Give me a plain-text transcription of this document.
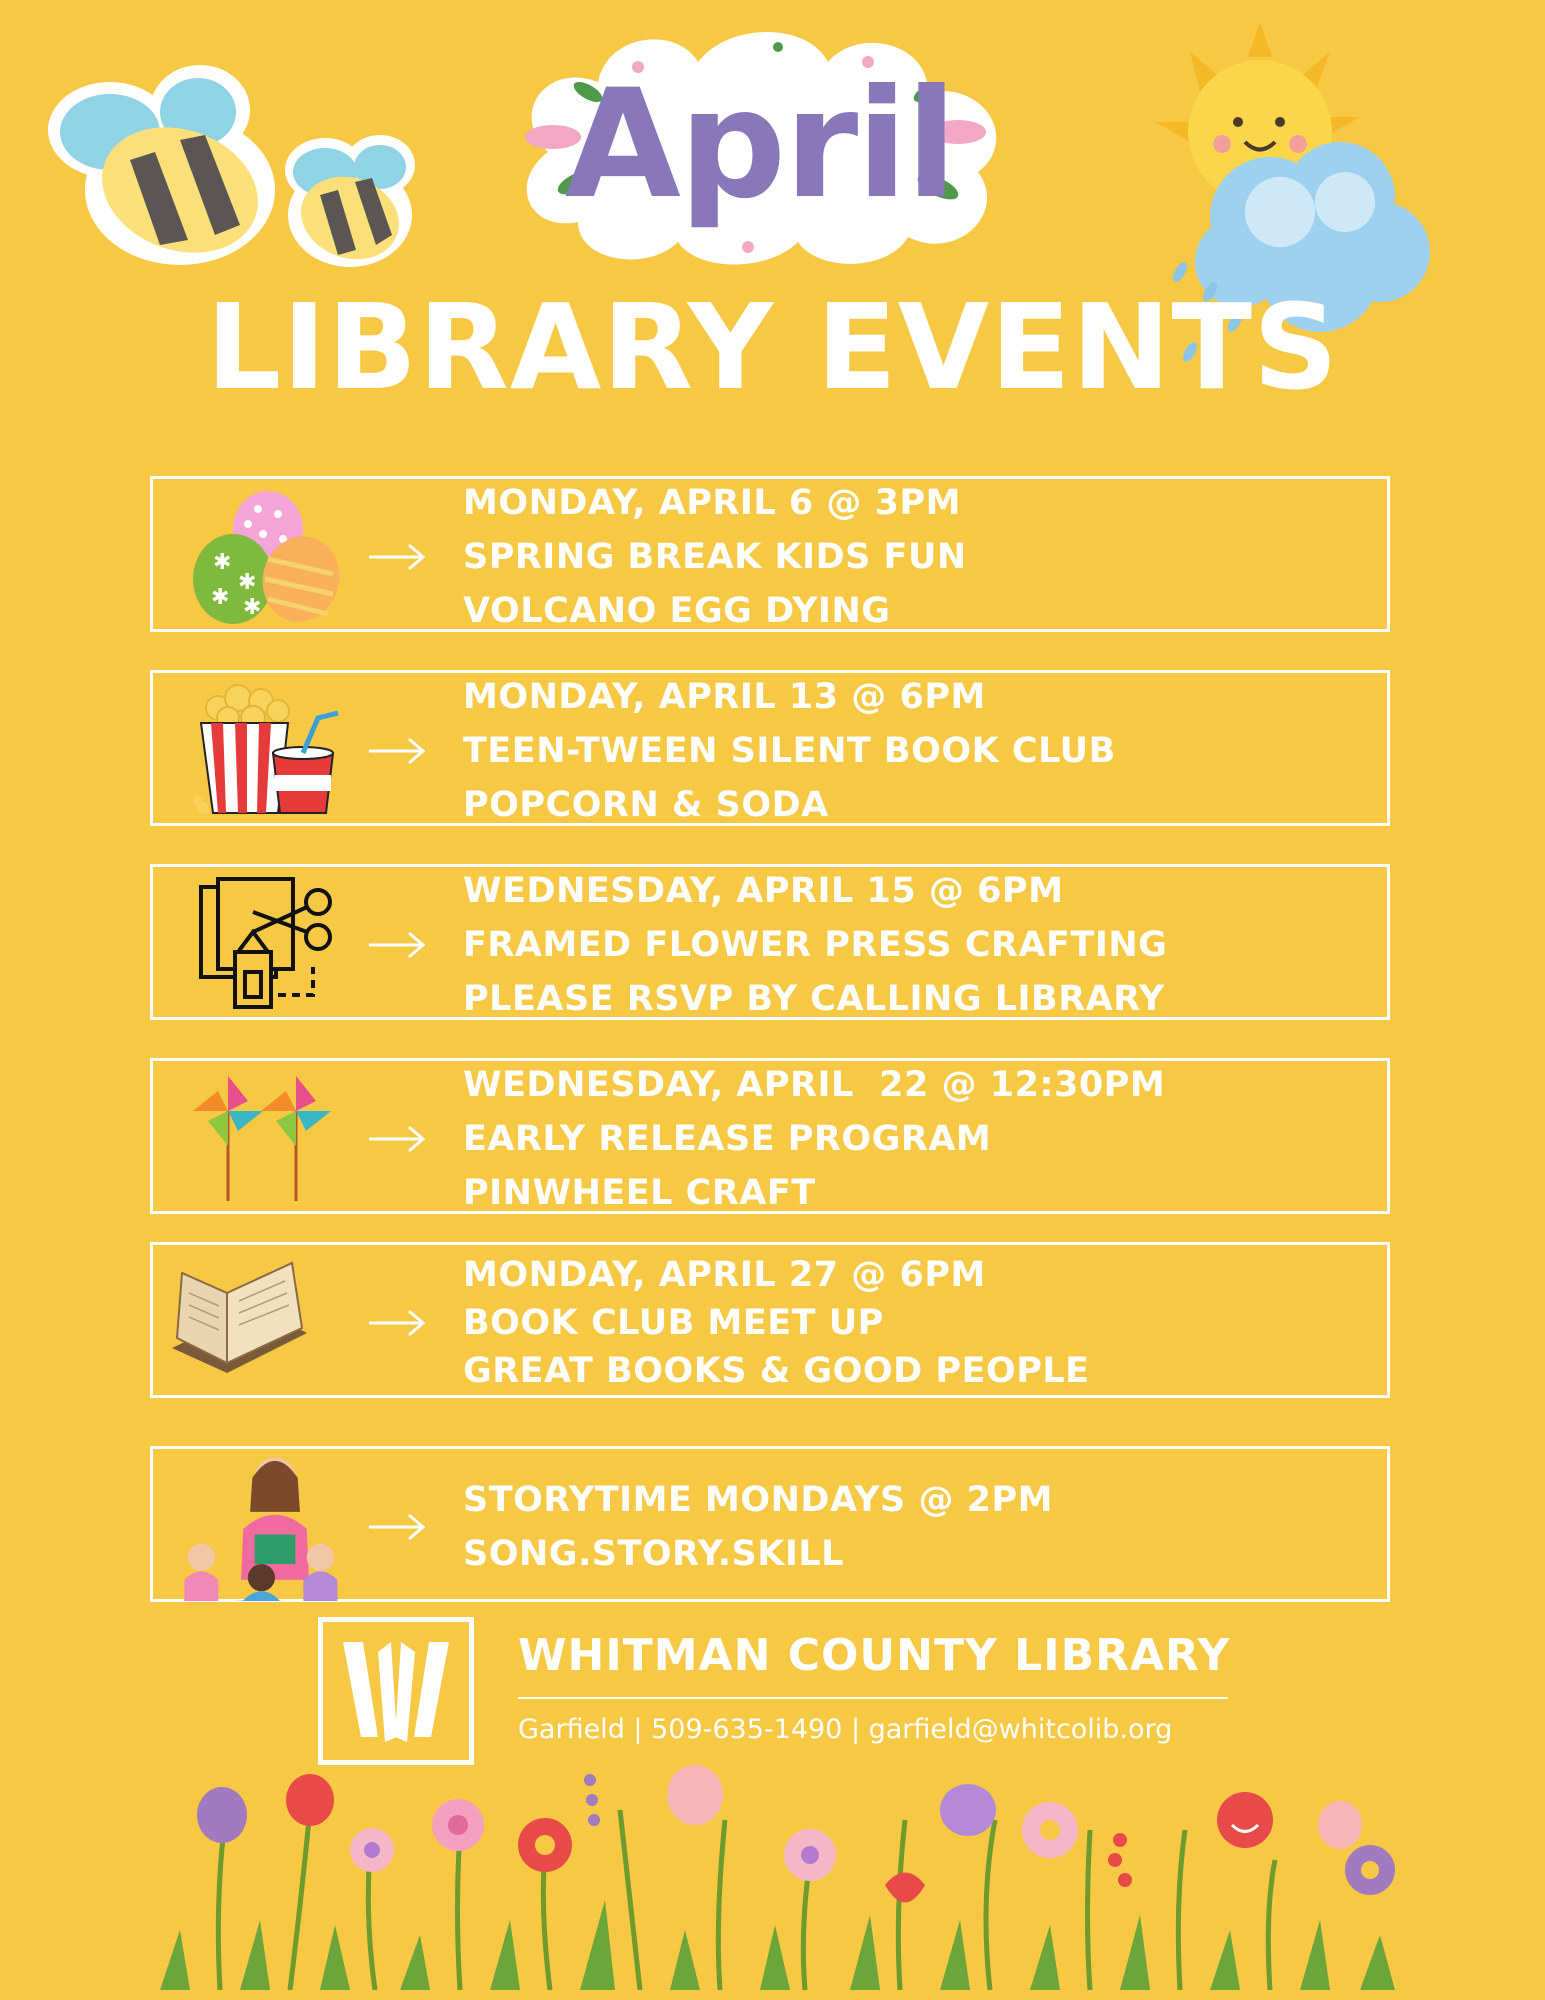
April
LIBRARY EVENTS
✱
✱
✱ ✱
MONDAY, APRIL 6 @ 3PM
SPRING BREAK KIDS FUN
VOLCANO EGG DYING
MONDAY, APRIL 13 @ 6PM
TEEN-TWEEN SILENT BOOK CLUB
POPCORN & SODA
WEDNESDAY, APRIL 15 @ 6PM
FRAMED FLOWER PRESS CRAFTING
PLEASE RSVP BY CALLING LIBRARY
WEDNESDAY, APRIL  22 @ 12:30PM
EARLY RELEASE PROGRAM
PINWHEEL CRAFT
MONDAY, APRIL 27 @ 6PM
BOOK CLUB MEET UP
GREAT BOOKS & GOOD PEOPLE
STORYTIME MONDAYS @ 2PM
SONG.STORY.SKILL
WHITMAN COUNTY LIBRARY
Garfield | 509-635-1490 | garfield@whitcolib.org
